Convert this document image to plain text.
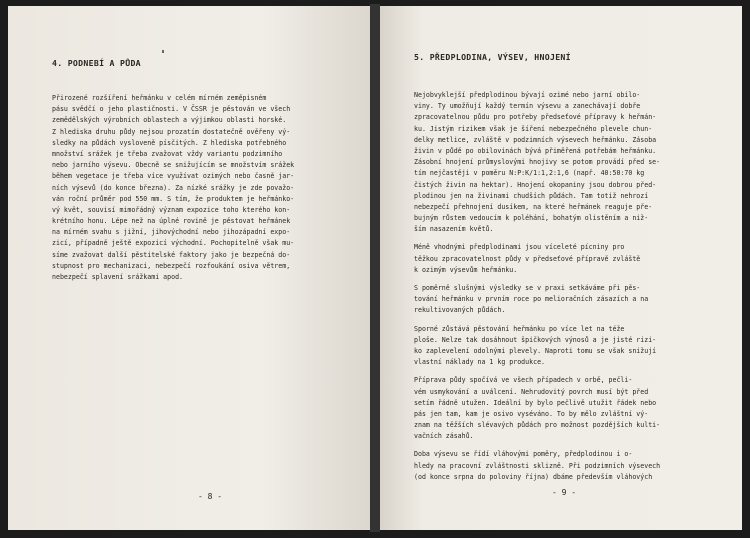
4. PODNEBÍ A PŮDA
Přirozené rozšíření heřmánku v celém mírném zeměpisném
pásu svědčí o jeho plastičnosti. V ČSSR je pěstován ve všech
zemědělských výrobních oblastech a výjimkou oblasti horské.
Z hlediska druhu půdy nejsou prozatím dostatečně ověřeny vý-
sledky na půdách vysloveně písčitých. Z hlediska potřebného
množství srážek je třeba zvažovat vždy variantu podzimního
nebo jarního výsevu. Obecně se snižujícím se množstvím srážek
během vegetace je třeba více využívat ozimých nebo časně jar-
ních výsevů (do konce března). Za nízké srážky je zde považo-
ván roční průměr pod 550 mm. S tím, že produktem je heřmánko-
vý květ, souvisí mimořádný význam expozice toho kterého kon-
krétního honu. Lépe než na úplné rovině je pěstovat heřmánek
na mírném svahu s jižní, jihovýchodní nebo jihozápadní expo-
zicí, případně ještě expozicí východní. Pochopitelně však mu-
síme zvažovat další pěstitelské faktory jako je bezpečná do-
stupnost pro mechanizaci, nebezpečí rozfoukání osiva větrem,
nebezpečí splavení srážkami apod.
- 8 -
5. PŘEDPLODINA, VÝSEV, HNOJENÍ
Nejobvyklejší předplodinou bývají ozimé nebo jarní obilo-
viny. Ty umožňují každý termín výsevu a zanechávají dobře
zpracovatelnou půdu pro potřeby předseťové přípravy k heřmán-
ku. Jistým rizikem však je šíření nebezpečného plevele chun-
delky metlice, zvláště v podzimních výsevech heřmánku. Zásoba
živin v půdě po obilovinách bývá přiměřená potřebám heřmánku.
Zásobní hnojení průmyslovými hnojivy se potom provádí před se-
tím nejčastěji v poměru N:P:K/1:1,2:1,6 (např. 40:50:70 kg
čistých živin na hektar). Hnojení okopaniny jsou dobrou před-
plodinou jen na živinami chudších půdách. Tam totiž nehrozí
nebezpečí přehnojení dusíkem, na které heřmánek reaguje pře-
bujným růstem vedoucím k poléhání, bohatým olistěním a niž-
ším nasazením květů.
Méně vhodnými předplodinami jsou víceleté pícniny pro
těžkou zpracovatelnost půdy v předseťové přípravě zvláště
k ozimým výsevům heřmánku.
S poměrně slušnými výsledky se v praxi setkáváme při pěs-
tování heřmánku v prvním roce po melioračních zásazích a na
rekultivovaných půdách.
Sporné zůstává pěstování heřmánku po více let na téže
ploše. Nelze tak dosáhnout špičkových výnosů a je jisté rizi-
ko zaplevelení odolnými plevely. Naproti tomu se však snižují
vlastní náklady na 1 kg produkce.
Příprava půdy spočívá ve všech případech v orbě, pečli-
vém usmykování a uválcení. Nehrudovitý povrch musí být před
setím řádně utužen. Ideální by bylo pečlivě utužit řádek nebo
pás jen tam, kam je osivo vyséváno. To by mělo zvláštní vý-
znam na těžších slévavých půdách pro možnost pozdějších kulti-
vačních zásahů.
Doba výsevu se řídí vláhovými poměry, předplodinou i o-
hledy na pracovní zvláštnosti sklizně. Při podzimních výsevech
(od konce srpna do poloviny října) dbáme především vláhových
- 9 -
